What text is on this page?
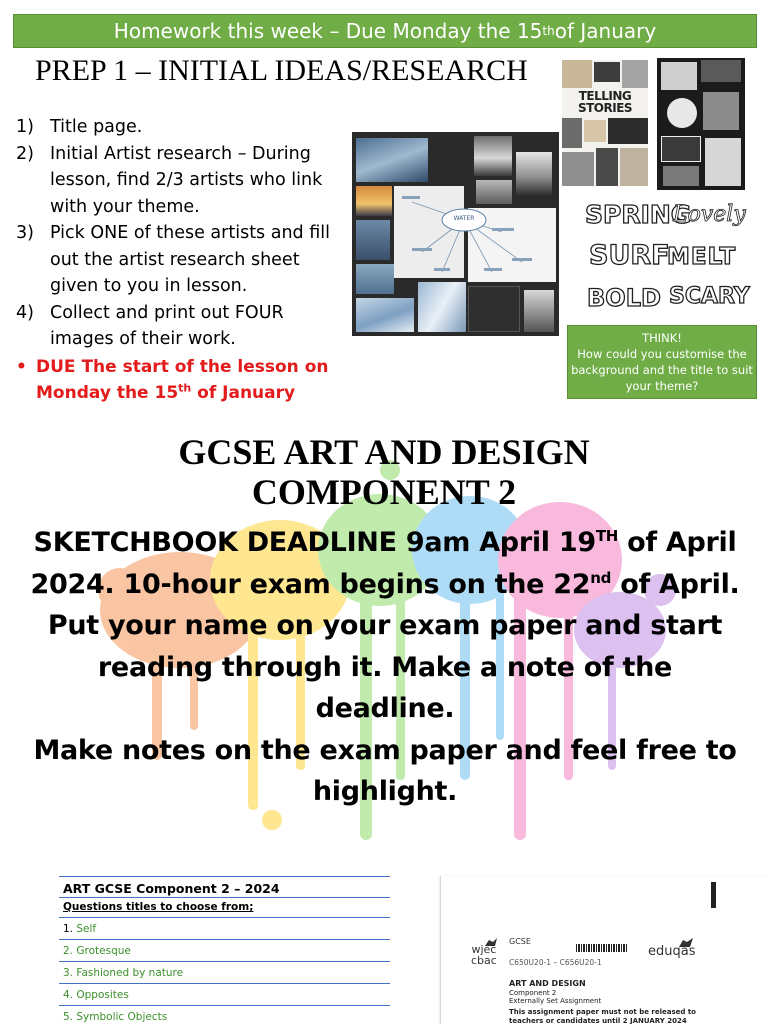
Homework this week – Due Monday the 15 th of January
PREP 1 – INITIAL IDEAS/RESEARCH
1) Title page.
2) Initial Artist research – During lesson, find 2/3 artists who link with your theme.
3) Pick ONE of these artists and fill out the artist research sheet given to you in lesson.
4) Collect and print out FOUR images of their work.
• DUE The start of the lesson on Monday the 15th of January
WATER
TELLING
STORIES
SPRING
Lovely
SURF
MELT
BOLD SCARY
THINK!
How could you customise the background and the title to suit your theme?
GCSE ART AND DESIGN
COMPONENT 2
SKETCHBOOK DEADLINE 9am April 19TH of April 2024. 10-hour exam begins on the 22nd of April.
Put your name on your exam paper and start reading through it. Make a note of the deadline.
Make notes on the exam paper and feel free to highlight.
ART GCSE Component 2 – 2024
Questions titles to choose from;
1. Self
2. Grotesque
3. Fashioned by nature
4. Opposites
5. Symbolic Objects
wjec
cbac
GCSE
C650U20-1 – C656U20-1
eduqas
ART AND DESIGN
Component 2
Externally Set Assignment
This assignment paper must not be released to teachers or candidates until 2 JANUARY 2024
